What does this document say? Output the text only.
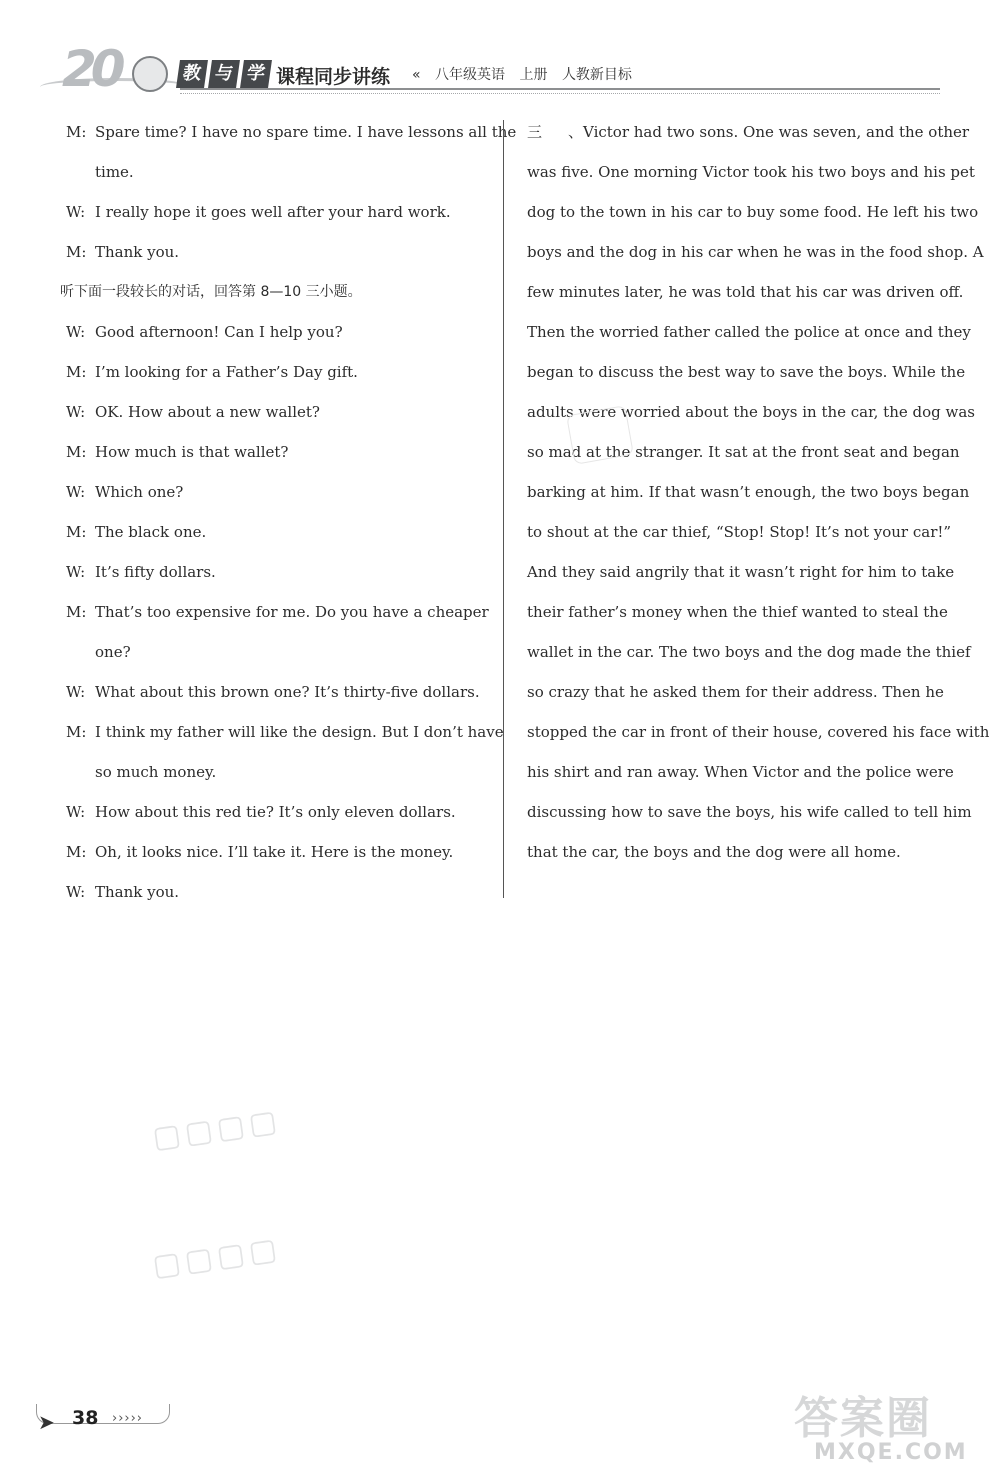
20	教 与 学 课程同步讲练 « 八年级英语 上册 人教新目标
M: Spare time? I have no spare time. I have lessons all the
time.
W: I really hope it goes well after your hard work.
M: Thank you.
听下面一段较长的对话，回答第 8—10 三小题。
W: Good afternoon! Can I help you?
M: I’m looking for a Father’s Day gift.
W: OK. How about a new wallet?
M: How much is that wallet?
W: Which one?
M: The black one.
W: It’s fifty dollars.
M: That’s too expensive for me. Do you have a cheaper
one?
W: What about this brown one? It’s thirty-five dollars.
M: I think my father will like the design. But I don’t have
so much money.
W: How about this red tie? It’s only eleven dollars.
M: Oh, it looks nice. I’ll take it. Here is the money.
W: Thank you.
三、Victor had two sons. One was seven, and the other
was five. One morning Victor took his two boys and his pet
dog to the town in his car to buy some food. He left his two
boys and the dog in his car when he was in the food shop. A
few minutes later, he was told that his car was driven off.
Then the worried father called the police at once and they
began to discuss the best way to save the boys. While the
adults were worried about the boys in the car, the dog was
so mad at the stranger. It sat at the front seat and began
barking at him. If that wasn’t enough, the two boys began
to shout at the car thief, “Stop! Stop! It’s not your car!”
And they said angrily that it wasn’t right for him to take
their father’s money when the thief wanted to steal the
wallet in the car. The two boys and the dog made the thief
so crazy that he asked them for their address. Then he
stopped the car in front of their house, covered his face with
his shirt and ran away. When Victor and the police were
discussing how to save the boys, his wife called to tell him
that the car, the boys and the dog were all home.
▢▢▢▢
▢▢▢▢
➤ 38 ›››››	答案圈
MXQE.COM
